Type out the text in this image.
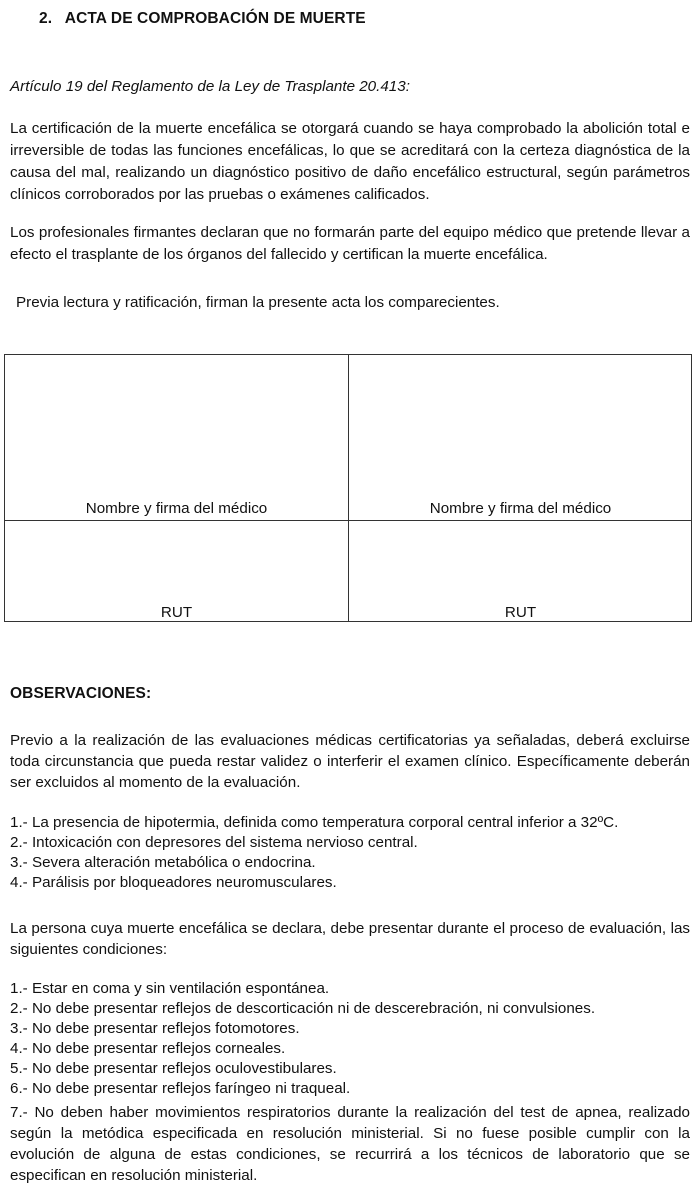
2.   ACTA DE COMPROBACIÓN DE MUERTE
Artículo 19 del Reglamento de la Ley de Trasplante 20.413:
La certificación de la muerte encefálica se otorgará cuando se haya comprobado la abolición total e irreversible de todas las funciones encefálicas, lo que se acreditará con la certeza diagnóstica de la causa del mal, realizando un diagnóstico positivo de daño encefálico estructural, según parámetros clínicos corroborados por las pruebas o exámenes calificados.
Los profesionales firmantes declaran que no formarán parte del equipo médico que pretende llevar a efecto el trasplante de los órganos del fallecido y certifican la muerte encefálica.
Previa lectura y ratificación, firman la presente acta los comparecientes.
Nombre y firma del médico	Nombre y firma del médico
RUT	RUT
OBSERVACIONES:
Previo a la realización de las evaluaciones médicas certificatorias ya señaladas, deberá excluirse toda circunstancia que pueda restar validez o interferir el examen clínico. Específicamente deberán ser excluidos al momento de la evaluación.
1.- La presencia de hipotermia, definida como temperatura corporal central inferior a 32ºC.
2.- Intoxicación con depresores del sistema nervioso central.
3.- Severa alteración metabólica o endocrina.
4.- Parálisis por bloqueadores neuromusculares.
La persona cuya muerte encefálica se declara, debe presentar durante el proceso de evaluación, las siguientes condiciones:
1.- Estar en coma y sin ventilación espontánea.
2.- No debe presentar reflejos de descorticación ni de descerebración, ni convulsiones.
3.- No debe presentar reflejos fotomotores.
4.- No debe presentar reflejos corneales.
5.- No debe presentar reflejos oculovestibulares.
6.- No debe presentar reflejos faríngeo ni traqueal.
7.- No deben haber movimientos respiratorios durante la realización del test de apnea, realizado según la metódica especificada en resolución ministerial. Si no fuese posible cumplir con la evolución de alguna de estas condiciones, se recurrirá a los técnicos de laboratorio que se especifican en resolución ministerial.
